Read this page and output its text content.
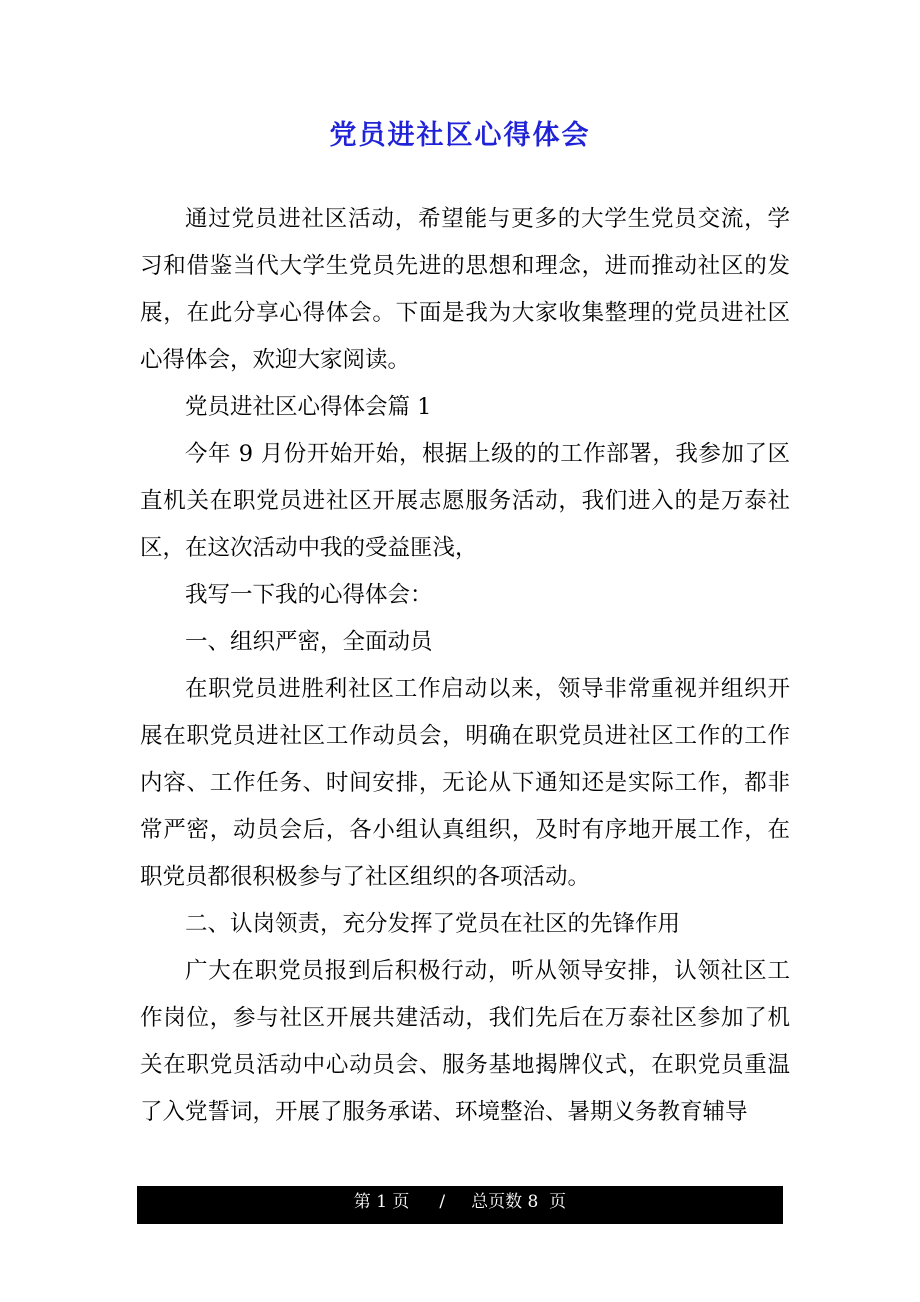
党员进社区心得体会

通过党员进社区活动，希望能与更多的大学生党员交流，学习和借鉴当代大学生党员先进的思想和理念，进而推动社区的发展，在此分享心得体会。下面是我为大家收集整理的党员进社区心得体会，欢迎大家阅读。

党员进社区心得体会篇 1

今年 9 月份开始开始，根据上级的的工作部署，我参加了区直机关在职党员进社区开展志愿服务活动，我们进入的是万泰社区，在这次活动中我的受益匪浅，

我写一下我的心得体会：

一、组织严密，全面动员

在职党员进胜利社区工作启动以来，领导非常重视并组织开展在职党员进社区工作动员会，明确在职党员进社区工作的工作内容、工作任务、时间安排，无论从下通知还是实际工作，都非常严密，动员会后，各小组认真组织，及时有序地开展工作，在职党员都很积极参与了社区组织的各项活动。

二、认岗领责，充分发挥了党员在社区的先锋作用

广大在职党员报到后积极行动，听从领导安排，认领社区工作岗位，参与社区开展共建活动，我们先后在万泰社区参加了机关在职党员活动中心动员会、服务基地揭牌仪式，在职党员重温了入党誓词，开展了服务承诺、环境整治、暑期义务教育辅导

第 1 页 / 总页数 8  页
